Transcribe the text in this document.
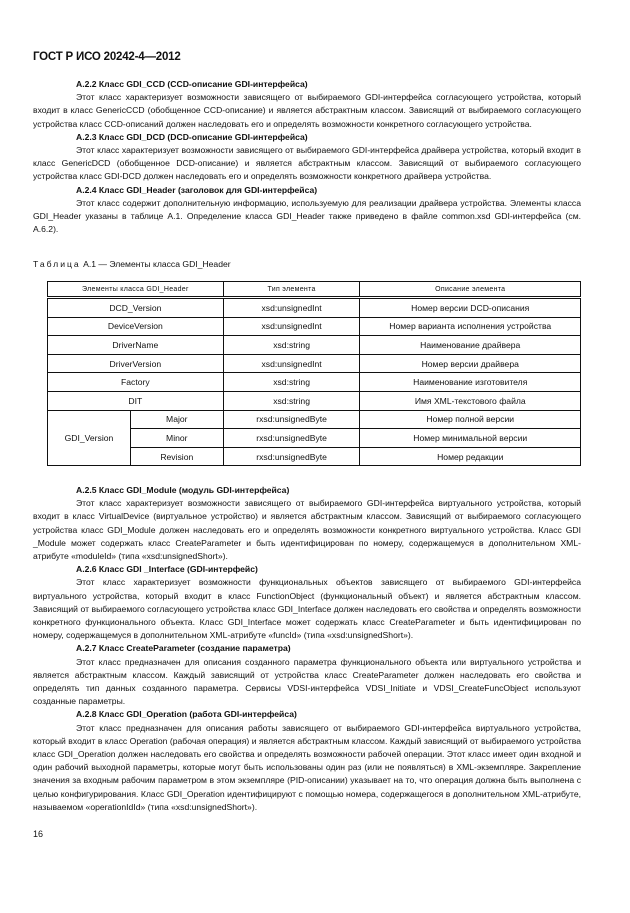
ГОСТ Р ИСО 20242-4—2012
А.2.2 Класс GDI_CCD (CCD-описание GDI-интерфейса)
Этот класс характеризует возможности зависящего от выбираемого GDI-интерфейса согласующего устройства, который входит в класс GenericCCD (обобщенное CCD-описание) и является абстрактным классом. Зависящий от выбираемого согласующего устройства класс CCD-описаний должен наследовать его и определять возможности конкретного согласующего устройства.
А.2.3 Класс GDI_DCD (DCD-описание GDI-интерфейса)
Этот класс характеризует возможности зависящего от выбираемого GDI-интерфейса драйвера устройства, который входит в класс GenericDCD (обобщенное DCD-описание) и является абстрактным классом. Зависящий от выбираемого согласующего устройства класс GDI-DCD должен наследовать его и определять возможности конкретного драйвера устройства.
А.2.4 Класс GDI_Header (заголовок для GDI-интерфейса)
Этот класс содержит дополнительную информацию, используемую для реализации драйвера устройства. Элементы класса GDI_Header указаны в таблице А.1. Определение класса GDI_Header также приведено в файле common.xsd GDI-интерфейса (см. А.6.2).
Таблица А.1 — Элементы класса GDI_Header
Элементы класса GDI_Header		Тип элемента	Описание элемента
DCD_Version		xsd:unsignedInt	Номер версии DCD-описания
DeviceVersion		xsd:unsignedInt	Номер варианта исполнения устройства
DriverName		xsd:string	Наименование драйвера
DriverVersion		xsd:unsignedInt	Номер версии драйвера
Factory		xsd:string	Наименование изготовителя
DIT		xsd:string	Имя XML-текстового файла
GDI_Version	Major	rxsd:unsignedByte	Номер полной версии
	Minor	rxsd:unsignedByte	Номер минимальной версии
	Revision	rxsd:unsignedByte	Номер редакции
А.2.5 Класс GDI_Module (модуль GDI-интерфейса)
Этот класс характеризует возможности зависящего от выбираемого GDI-интерфейса виртуального устройства, который входит в класс VirtualDevice (виртуальное устройство) и является абстрактным классом. Зависящий от выбираемого согласующего устройства класс GDI_Module должен наследовать его и определять возможности конкретного виртуального устройства. Класс GDI _Module может содержать класс CreateParameter и быть идентифицирован по номеру, содержащемуся в дополнительном XML-атрибуте «moduleId» (типа «xsd:unsignedShort»).
А.2.6 Класс GDI _Interface (GDI-интерфейс)
Этот класс характеризует возможности функциональных объектов зависящего от выбираемого GDI-интерфейса виртуального устройства, который входит в класс FunctionObject (функциональный объект) и является абстрактным классом. Зависящий от выбираемого согласующего устройства класс GDI_Interface должен наследовать его свойства и определять возможности конкретного функционального объекта. Класс GDI_Interface может содержать класс CreateParameter и быть идентифицирован по номеру, содержащемуся в дополнительном XML-атрибуте «funcId» (типа «xsd:unsignedShort»).
А.2.7 Класс CreateParameter (создание параметра)
Этот класс предназначен для описания созданного параметра функционального объекта или виртуального устройства и является абстрактным классом. Каждый зависящий от устройства класс CreateParameter должен наследовать его свойства и определять тип данных созданного параметра. Сервисы VDSI-интерфейса VDSI_Initiate и VDSI_CreateFuncObject используют созданные параметры.
А.2.8 Класс GDI_Operation (работа GDI-интерфейса)
Этот класс предназначен для описания работы зависящего от выбираемого GDI-интерфейса виртуального устройства, который входит в класс Operation (рабочая операция) и является абстрактным классом. Каждый зависящий от выбираемого устройства класс GDI_Operation должен наследовать его свойства и определять возможности рабочей операции. Этот класс имеет один входной и один рабочий выходной параметры, которые могут быть использованы один раз (или не появляться) в XML-экземпляре. Закрепление значения за входным рабочим параметром в этом экземпляре (PID-описании) указывает на то, что операция должна быть выполнена с целью конфигурирования. Класс GDI_Operation идентифицируют с помощью номера, содержащегося в дополнительном XML-атрибуте, называемом «operationIdId» (типа «xsd:unsignedShort»).
16
